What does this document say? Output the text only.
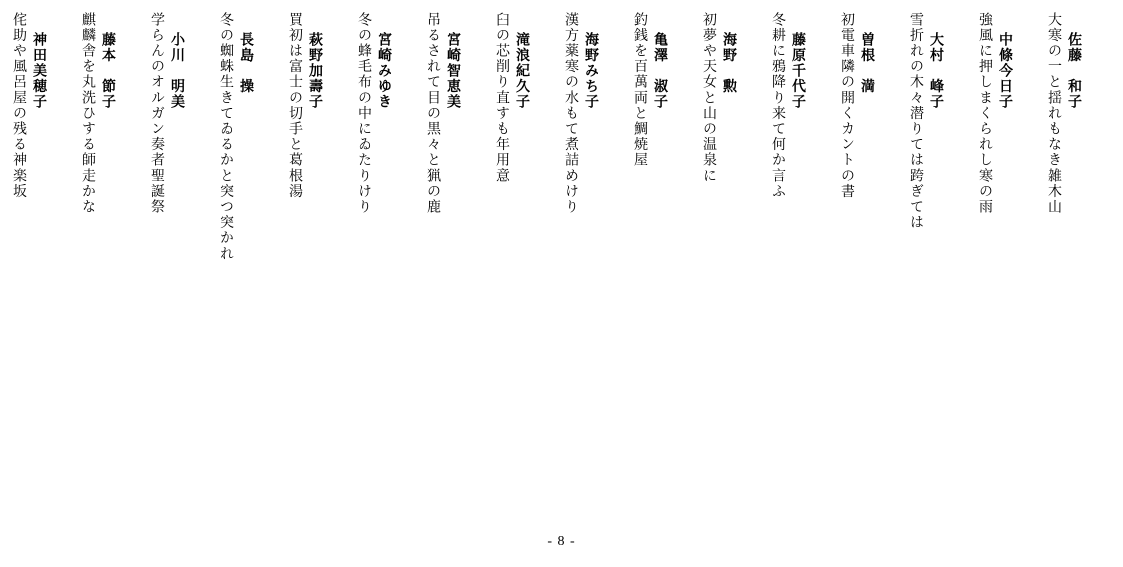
佐藤　和子
大寒の一と揺れもなき雑木山
中條今日子
強風に押しまくられし寒の雨
大村　峰子
雪折れの木々潜りては跨ぎては
曽根　満
初電車隣の開くカントの書
藤原千代子
冬耕に鴉降り来て何か言ふ
海野　勲
初夢や天女と山の温泉に
亀澤　淑子
釣銭を百萬両と鯛焼屋
海野みち子
漢方薬寒の水もて煮詰めけり
滝浪紀久子
臼の芯削り直すも年用意
宮崎智恵美
吊るされて目の黒々と猟の鹿
宮崎みゆき
冬の蜂毛布の中にゐたりけり
萩野加壽子
買初は富士の切手と葛根湯
長島　操
冬の蜘蛛生きてゐるかと突つ突かれ
小川　明美
学らんのオルガン奏者聖誕祭
藤本　節子
麒麟舎を丸洗ひする師走かな
神田美穂子
侘助や風呂屋の残る神楽坂
- 8 -
